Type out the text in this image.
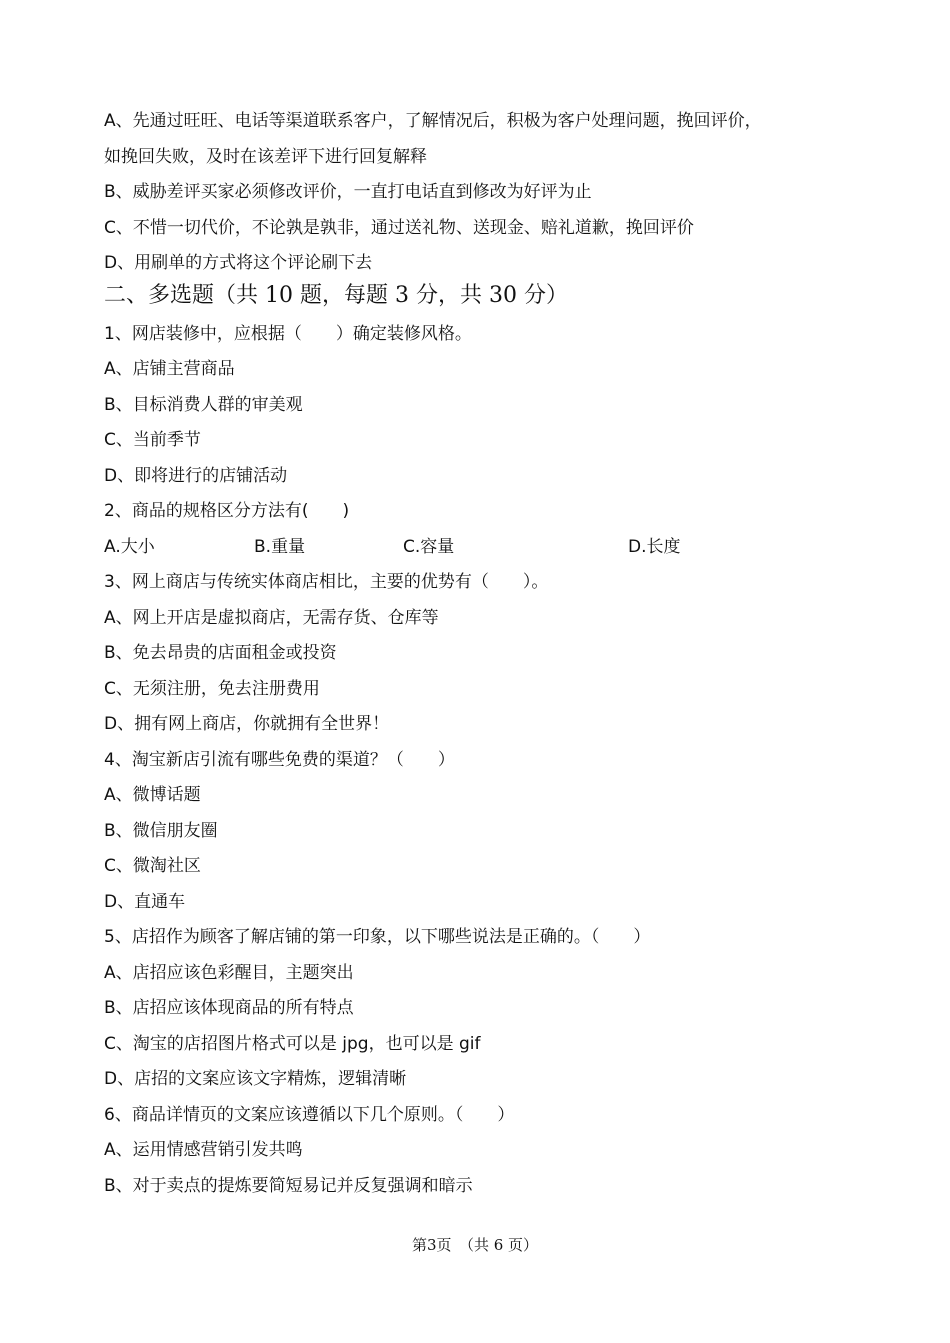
A、先通过旺旺、电话等渠道联系客户，了解情况后，积极为客户处理问题，挽回评价，
如挽回失败，及时在该差评下进行回复解释
B、威胁差评买家必须修改评价，一直打电话直到修改为好评为止
C、不惜一切代价，不论孰是孰非，通过送礼物、送现金、赔礼道歉，挽回评价
D、用刷单的方式将这个评论刷下去
二、多选题（共 10 题，每题 3 分，共 30 分）
1、网店装修中，应根据（　　）确定装修风格。
A、店铺主营商品
B、目标消费人群的审美观
C、当前季节
D、即将进行的店铺活动
2、商品的规格区分方法有(　　)
A.大小	B.重量	C.容量	D.长度
3、网上商店与传统实体商店相比，主要的优势有（　　）。
A、网上开店是虚拟商店，无需存货、仓库等
B、免去昂贵的店面租金或投资
C、无须注册，免去注册费用
D、拥有网上商店，你就拥有全世界！
4、淘宝新店引流有哪些免费的渠道？（　　）
A、微博话题
B、微信朋友圈
C、微淘社区
D、直通车
5、店招作为顾客了解店铺的第一印象，以下哪些说法是正确的。（　　）
A、店招应该色彩醒目，主题突出
B、店招应该体现商品的所有特点
C、淘宝的店招图片格式可以是 jpg，也可以是 gif
D、店招的文案应该文字精炼，逻辑清晰
6、商品详情页的文案应该遵循以下几个原则。（　　）
A、运用情感营销引发共鸣
B、对于卖点的提炼要简短易记并反复强调和暗示
第3页　（共 6 页）
